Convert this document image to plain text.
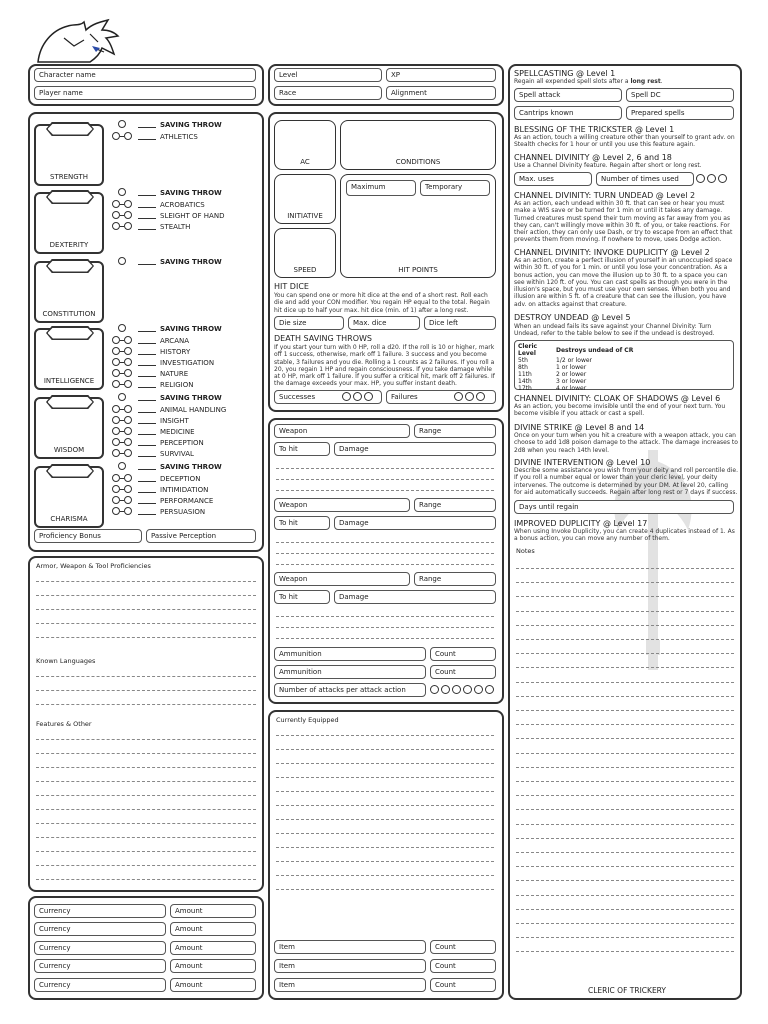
Character name
Player name
Level	XP
Race	Alignment
Proficiency Bonus	Passive Perception
AC	CONDITIONS
INITIATIVE
HIT POINTS
Maximum	Temporary
SPEED
HIT DICE
You can spend one or more hit dice at the end of a short rest. Roll each die and add your CON modifier. You regain HP equal to the total. Regain hit dice up to half your max. hit dice (min. of 1) after a long rest.
Die size	Max. dice	Dice left
DEATH SAVING THROWS
If you start your turn with 0 HP, roll a d20. If the roll is 10 or higher, mark off 1 success, otherwise, mark off 1 failure. 3 success and you become stable, 3 failures and you die. Rolling a 1 counts as 2 failures. If you roll a 20, you regain 1 HP and regain consciousness. If you take damage while at 0 HP, mark off 1 failure. If you suffer a critical hit, mark off 2 failures. If the damage exceeds your max. HP, you suffer instant death.
Successes	Failures
Ammunition	Count
Ammunition	Count
Number of attacks per attack action
Armor, Weapon & Tool Proficiencies
Known Languages
Features & Other	Currently Equipped
SPELLCASTING @ Level 1
Regain all expended spell slots after a long rest.
Spell attack	Spell DC
Cantrips known	Prepared spells
BLESSING OF THE TRICKSTER @ Level 1
As an action, touch a willing creature other than yourself to grant adv. on Stealth checks for 1 hour or until you use this feature again.
CHANNEL DIVINITY @ Level 2, 6 and 18
Use a Channel Divinity feature. Regain after short or long rest.
Max. uses	Number of times used
CHANNEL DIVINITY: TURN UNDEAD @ Level 2
As an action, each undead within 30 ft. that can see or hear you must make a WIS save or be turned for 1 min or until it takes any damage. Turned creatures must spend their turn moving as far away from you as they can, can't willingly move within 30 ft. of you, or take reactions. For their action, they can only use Dash, or try to escape from an effect that prevents them from moving. If nowhere to move, uses Dodge action.
CHANNEL DIVINITY: INVOKE DUPLICITY @ Level 2
As an action, create a perfect illusion of yourself in an unoccupied space within 30 ft. of you for 1 min. or until you lose your concentration. As a bonus action, you can move the illusion up to 30 ft. to a space you can see within 120 ft. of you. You can cast spells as though you were in the illusion's space, but you must use your own senses. When both you and illusion are within 5 ft. of a creature that can see the illusion, you have adv. on attacks against that creature.
DESTROY UNDEAD @ Level 5
When an undead fails its save against your Channel Divinity: Turn Undead, refer to the table below to see if the undead is destroyed.
Cleric Level	Destroys undead of CR
5th	1/2 or lower
8th	1 or lower
11th	2 or lower
14th	3 or lower
17th	4 or lower
CHANNEL DIVINITY: CLOAK OF SHADOWS @ Level 6
As an action, you become invisible until the end of your next turn. You become visible if you attack or cast a spell.
DIVINE STRIKE @ Level 8 and 14
Once on your turn when you hit a creature with a weapon attack, you can choose to add 1d8 poison damage to the attack. The damage increases to 2d8 when you reach 14th level.
DIVINE INTERVENTION @ Level 10
Describe some assistance you wish from your deity and roll percentile die. If you roll a number equal or lower than your cleric level, your deity intervenes. The outcome is determined by your DM. At level 20, calling for aid automatically succeeds. Regain after long rest or 7 days if success.
Days until regain
IMPROVED DUPLICITY @ Level 17
When using Invoke Duplicity, you can create 4 duplicates instead of 1. As a bonus action, you can move any number of them.
Notes
CLERIC OF TRICKERY
STRENGTH
SAVING THROW
ATHLETICS
DEXTERITY
SAVING THROW
ACROBATICS
SLEIGHT OF HAND
STEALTH
CONSTITUTION
SAVING THROW
INTELLIGENCE
SAVING THROW
ARCANA
HISTORY
INVESTIGATION
NATURE
RELIGION
WISDOM
SAVING THROW
ANIMAL HANDLING
INSIGHT
MEDICINE
PERCEPTION
SURVIVAL
CHARISMA
SAVING THROW
DECEPTION
INTIMIDATION
PERFORMANCE
PERSUASION
Weapon	Range
To hit	Damage
Weapon	Range
To hit	Damage
Weapon	Range
To hit	Damage
Currency	Amount
Currency	Amount
Currency	Amount
Currency	Amount
Currency	Amount
Item	Count
Item	Count
Item	Count
